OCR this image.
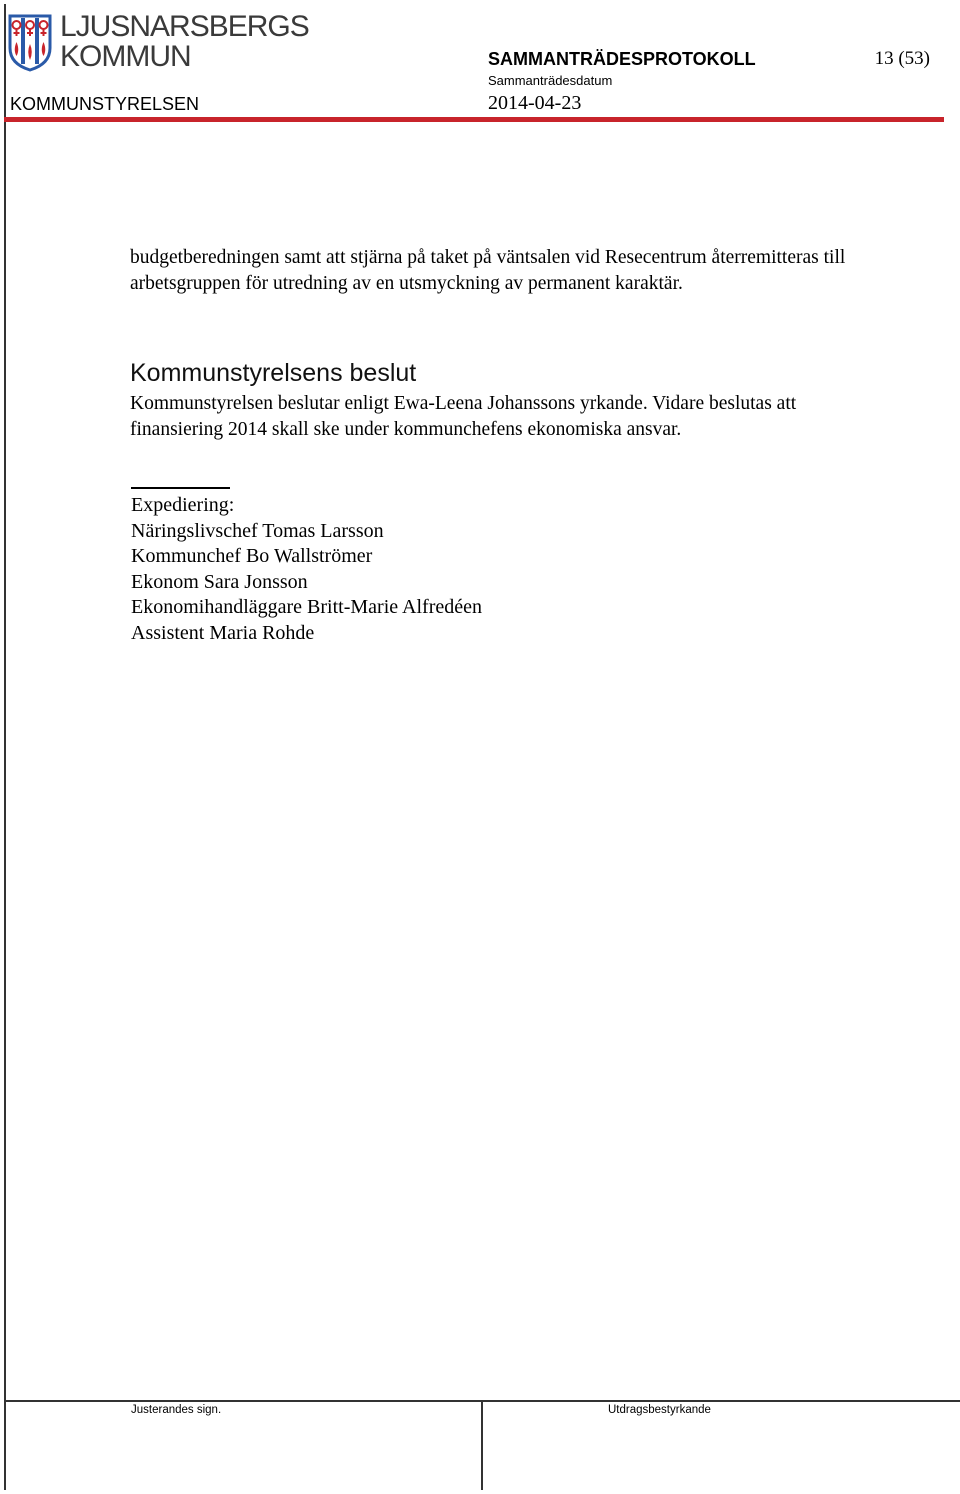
LJUSNARSBERGS
KOMMUN	SAMMANTRÄDESPROTOKOLL	13 (53)
Sammanträdesdatum
2014-04-23
KOMMUNSTYRELSEN
budgetberedningen samt att stjärna på taket på väntsalen vid Resecentrum återremitteras till arbetsgruppen för utredning av en utsmyckning av permanent karaktär.
Kommunstyrelsens beslut
Kommunstyrelsen beslutar enligt Ewa-Leena Johanssons yrkande. Vidare beslutas att finansiering 2014 skall ske under kommunchefens ekonomiska ansvar.
Expediering:
Näringslivschef Tomas Larsson
Kommunchef Bo Wallströmer
Ekonom Sara Jonsson
Ekonomihandläggare Britt-Marie Alfredéen
Assistent Maria Rohde
Justerandes sign.	Utdragsbestyrkande
